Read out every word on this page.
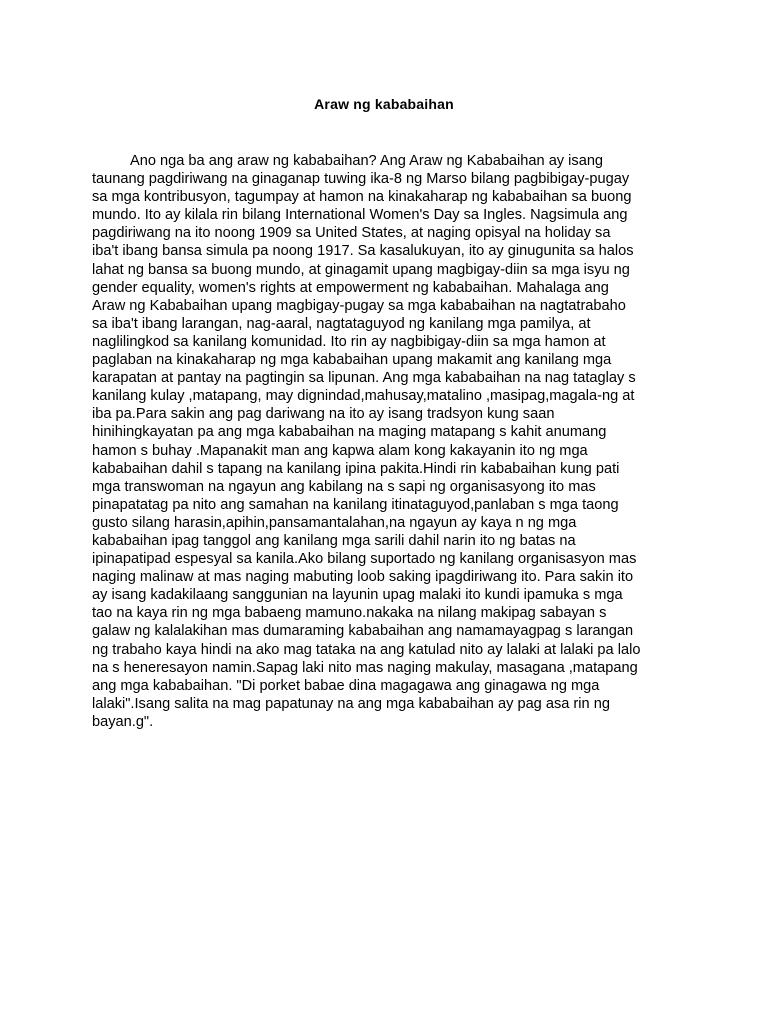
Araw ng kababaihan
Ano nga ba ang araw ng kababaihan? Ang Araw ng Kababaihan ay isang
taunang pagdiriwang na ginaganap tuwing ika-8 ng Marso bilang pagbibigay-pugay
sa mga kontribusyon, tagumpay at hamon na kinakaharap ng kababaihan sa buong
mundo. Ito ay kilala rin bilang International Women's Day sa Ingles. Nagsimula ang
pagdiriwang na ito noong 1909 sa United States, at naging opisyal na holiday sa
iba't ibang bansa simula pa noong 1917. Sa kasalukuyan, ito ay ginugunita sa halos
lahat ng bansa sa buong mundo, at ginagamit upang magbigay-diin sa mga isyu ng
gender equality, women's rights at empowerment ng kababaihan. Mahalaga ang
Araw ng Kababaihan upang magbigay-pugay sa mga kababaihan na nagtatrabaho
sa iba't ibang larangan, nag-aaral, nagtataguyod ng kanilang mga pamilya, at
naglilingkod sa kanilang komunidad. Ito rin ay nagbibigay-diin sa mga hamon at
paglaban na kinakaharap ng mga kababaihan upang makamit ang kanilang mga
karapatan at pantay na pagtingin sa lipunan. Ang mga kababaihan na nag tataglay s
kanilang kulay ,matapang, may dignindad,mahusay,matalino ,masipag,magala-ng at
iba pa.Para sakin ang pag dariwang na ito ay isang tradsyon kung saan
hinihingkayatan pa ang mga kababaihan na maging matapang s kahit anumang
hamon s buhay .Mapanakit man ang kapwa alam kong kakayanin ito ng mga
kababaihan dahil s tapang na kanilang ipina pakita.Hindi rin kababaihan kung pati
mga transwoman na ngayun ang kabilang na s sapi ng organisasyong ito mas
pinapatatag pa nito ang samahan na kanilang itinataguyod,panlaban s mga taong
gusto silang harasin,apihin,pansamantalahan,na ngayun ay kaya n ng mga
kababaihan ipag tanggol ang kanilang mga sarili dahil narin ito ng batas na
ipinapatipad espesyal sa kanila.Ako bilang suportado ng kanilang organisasyon mas
naging malinaw at mas naging mabuting loob saking ipagdiriwang ito. Para sakin ito
ay isang kadakilaang sanggunian na layunin upag malaki ito kundi ipamuka s mga
tao na kaya rin ng mga babaeng mamuno.nakaka na nilang makipag sabayan s
galaw ng kalalakihan mas dumaraming kababaihan ang namamayagpag s larangan
ng trabaho kaya hindi na ako mag tataka na ang katulad nito ay lalaki at lalaki pa lalo
na s heneresayon namin.Sapag laki nito mas naging makulay, masagana ,matapang
ang mga kababaihan. "Di porket babae dina magagawa ang ginagawa ng mga
lalaki".Isang salita na mag papatunay na ang mga kababaihan ay pag asa rin ng
bayan.g".
